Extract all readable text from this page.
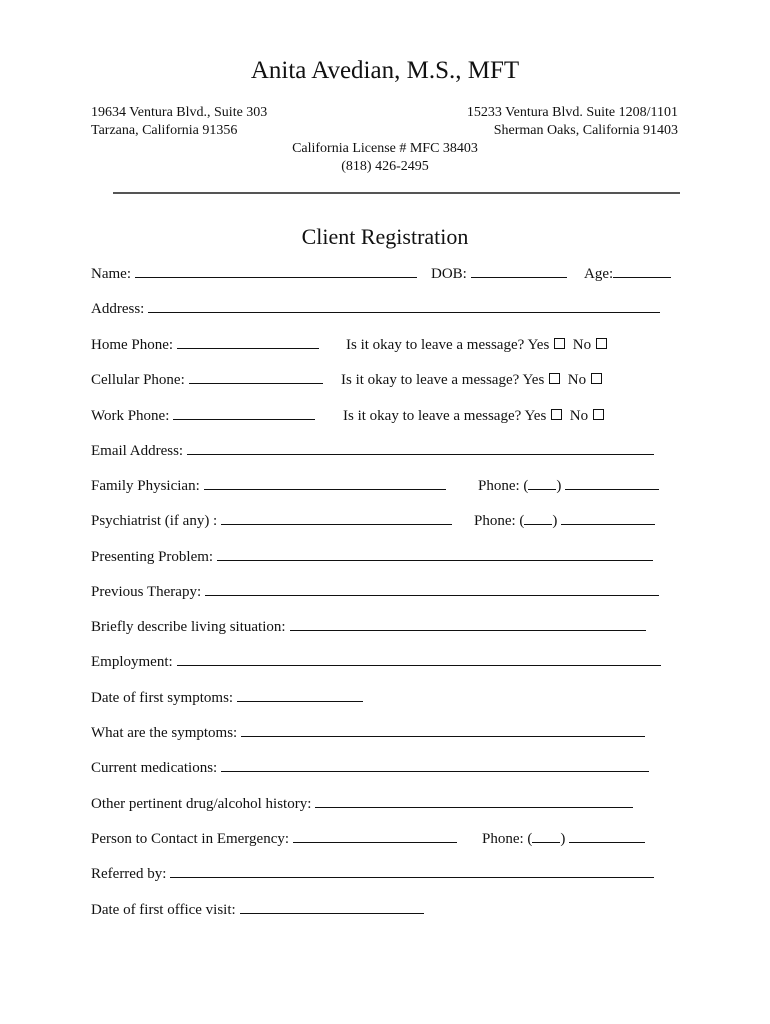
Anita Avedian, M.S., MFT
19634 Ventura Blvd., Suite 303
Tarzana, California 91356
15233 Ventura Blvd. Suite 1208/1101
Sherman Oaks, California 91403
California License # MFC 38403
(818) 426-2495
Client Registration
Name:	DOB:	Age:
Address:
Home Phone:	Is it okay to leave a message? Yes No
Cellular Phone:	Is it okay to leave a message? Yes No
Work Phone:	Is it okay to leave a message? Yes No
Email Address:
Family Physician:	Phone: ( )
Psychiatrist (if any) :	Phone: ( )
Presenting Problem:
Previous Therapy:
Briefly describe living situation:
Employment:
Date of first symptoms:
What are the symptoms:
Current medications:
Other pertinent drug/alcohol history:
Person to Contact in Emergency:	Phone: ( )
Referred by:
Date of first office visit:
